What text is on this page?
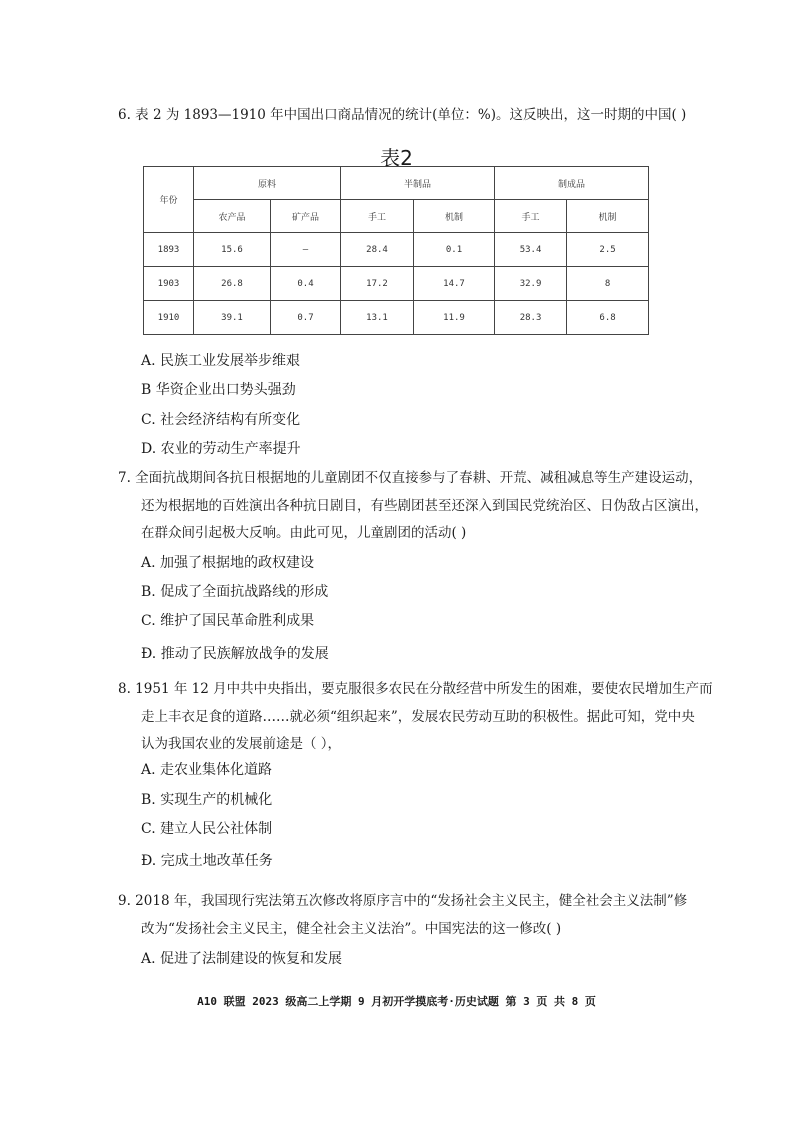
6. 表 2 为 1893—1910 年中国出口商品情况的统计(单位：%)。这反映出，这一时期的中国( )
表2
年份	原料		半制品		制成品	
	农产品	矿产品	手工	机制	手工	机制
1893	15.6	—	28.4	0.1	53.4	2.5
1903	26.8	0.4	17.2	14.7	32.9	8
1910	39.1	0.7	13.1	11.9	28.3	6.8
A. 民族工业发展举步维艰
B 华资企业出口势头强劲
C. 社会经济结构有所变化
D. 农业的劳动生产率提升
7. 全面抗战期间各抗日根据地的儿童剧团不仅直接参与了春耕、开荒、减租减息等生产建设运动，
还为根据地的百姓演出各种抗日剧目，有些剧团甚至还深入到国民党统治区、日伪敌占区演出，
在群众间引起极大反响。由此可见，儿童剧团的活动( )
A. 加强了根据地的政权建设
B. 促成了全面抗战路线的形成
C. 维护了国民革命胜利成果
Đ. 推动了民族解放战争的发展
8. 1951 年 12 月中共中央指出，要克服很多农民在分散经营中所发生的困难，要使农民增加生产而
走上丰衣足食的道路……就必须“组织起来”，发展农民劳动互助的积极性。据此可知，党中央
认为我国农业的发展前途是（ ），
A. 走农业集体化道路
B. 实现生产的机械化
C. 建立人民公社体制
Đ. 完成土地改革任务
9. 2018 年，我国现行宪法第五次修改将原序言中的“发扬社会主义民主，健全社会主义法制”修
改为“发扬社会主义民主，健全社会主义法治”。中国宪法的这一修改( )
A. 促进了法制建设的恢复和发展
A10 联盟 2023 级高二上学期 9 月初开学摸底考·历史试题 第 3 页 共 8 页
